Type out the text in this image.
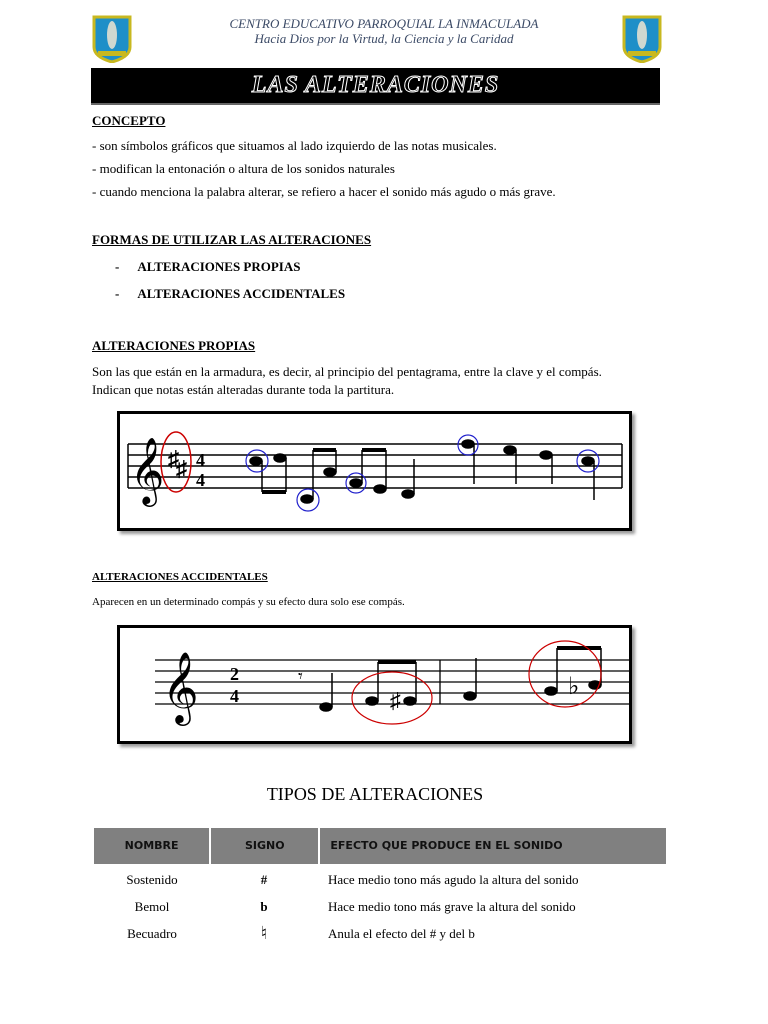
CENTRO EDUCATIVO PARROQUIAL LA INMACULADA
Hacia Dios por la Virtud, la Ciencia y la Caridad
LAS ALTERACIONES
CONCEPTO
- son símbolos gráficos que situamos al lado izquierdo de las notas musicales.
- modifican la entonación o altura de los sonidos naturales
- cuando menciona la palabra alterar, se refiero a hacer el sonido más agudo o más grave.
FORMAS DE UTILIZAR LAS ALTERACIONES
- ALTERACIONES PROPIAS
- ALTERACIONES ACCIDENTALES
ALTERACIONES PROPIAS
Son las que están en la armadura, es decir, al principio del pentagrama, entre la clave y el compás.
Indican que notas están alteradas durante toda la partitura.
𝄞 ♯
♯ 4
4
ALTERACIONES ACCIDENTALES
Aparecen en un determinado compás y su efecto dura solo ese compás.
𝄞 2
4
𝄾
♯
♭
TIPOS DE ALTERACIONES
NOMBRE	SIGNO	EFECTO QUE PRODUCE EN EL SONIDO
Sostenido	#	Hace medio tono más agudo la altura del sonido
Bemol	b	Hace medio tono más grave la altura del sonido
Becuadro	♮	Anula el efecto del # y del b
